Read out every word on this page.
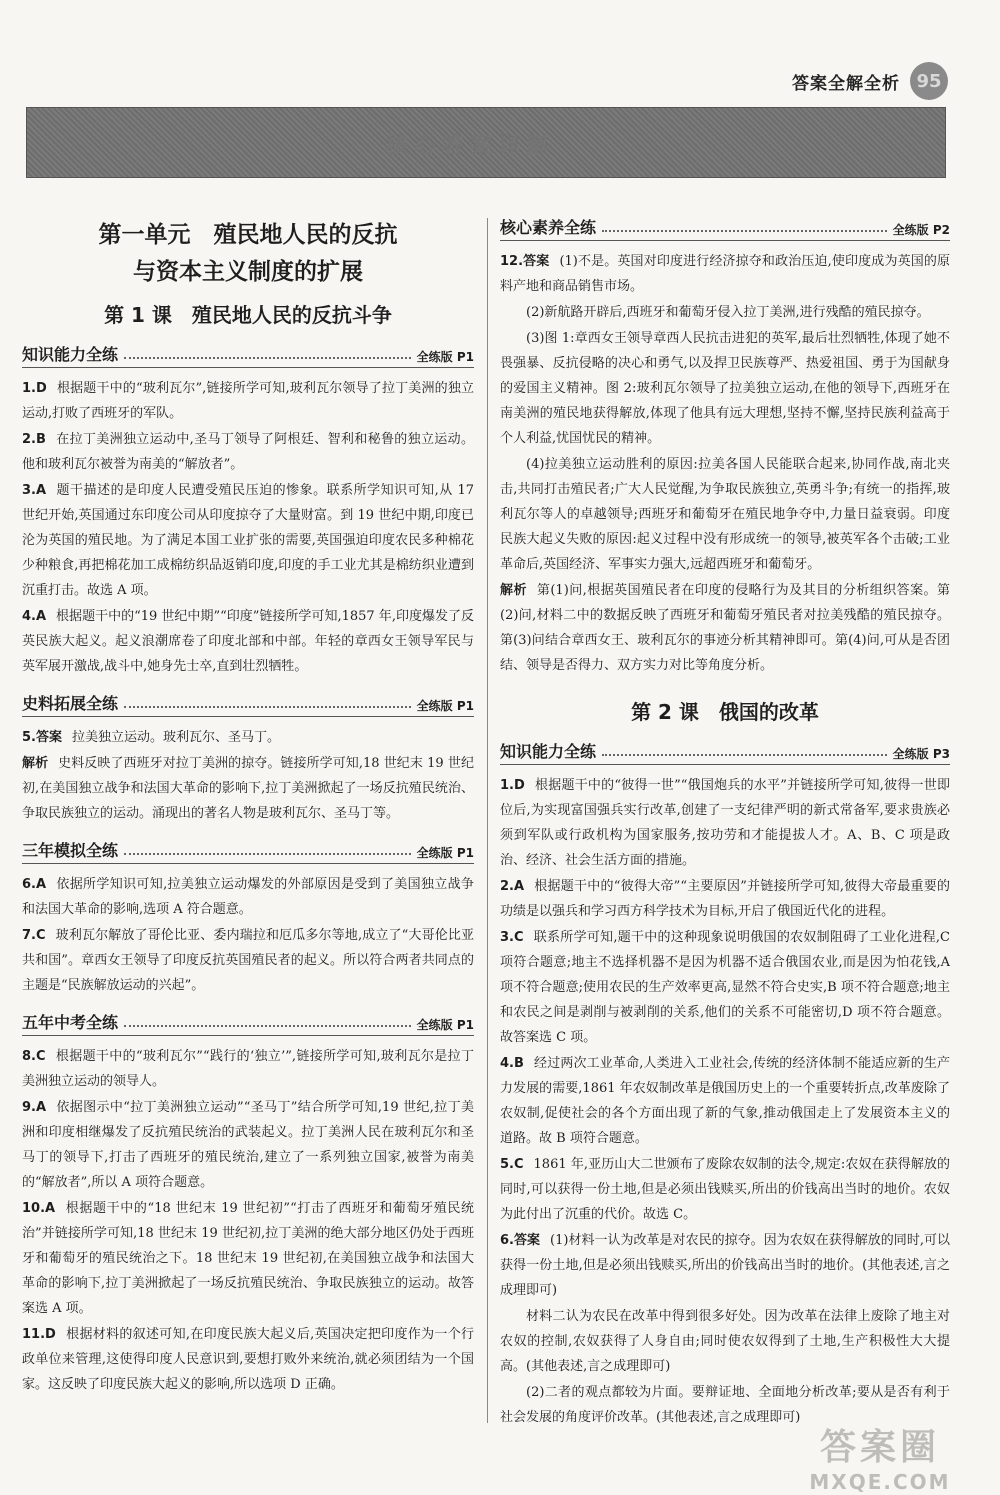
答案全解全析 95
核心答案详解
第一单元　殖民地人民的反抗
与资本主义制度的扩展
第 1 课　殖民地人民的反抗斗争
知识能力全练	全练版 P1
1.D 根据题干中的“玻利瓦尔”,链接所学可知,玻利瓦尔领导了拉丁美洲的独立运动,打败了西班牙的军队。
2.B 在拉丁美洲独立运动中,圣马丁领导了阿根廷、智利和秘鲁的独立运动。他和玻利瓦尔被誉为南美的“解放者”。
3.A 题干描述的是印度人民遭受殖民压迫的惨象。联系所学知识可知,从 17 世纪开始,英国通过东印度公司从印度掠夺了大量财富。到 19 世纪中期,印度已沦为英国的殖民地。为了满足本国工业扩张的需要,英国强迫印度农民多种棉花少种粮食,再把棉花加工成棉纺织品返销印度,印度的手工业尤其是棉纺织业遭到沉重打击。故选 A 项。
4.A 根据题干中的“19 世纪中期”“印度”链接所学可知,1857 年,印度爆发了反英民族大起义。起义浪潮席卷了印度北部和中部。年轻的章西女王领导军民与英军展开激战,战斗中,她身先士卒,直到壮烈牺牲。
史料拓展全练	全练版 P1
5.答案 拉美独立运动。玻利瓦尔、圣马丁。
解析 史料反映了西班牙对拉丁美洲的掠夺。链接所学可知,18 世纪末 19 世纪初,在美国独立战争和法国大革命的影响下,拉丁美洲掀起了一场反抗殖民统治、争取民族独立的运动。涌现出的著名人物是玻利瓦尔、圣马丁等。
三年模拟全练	全练版 P1
6.A 依据所学知识可知,拉美独立运动爆发的外部原因是受到了美国独立战争和法国大革命的影响,选项 A 符合题意。
7.C 玻利瓦尔解放了哥伦比亚、委内瑞拉和厄瓜多尔等地,成立了“大哥伦比亚共和国”。章西女王领导了印度反抗英国殖民者的起义。所以符合两者共同点的主题是“民族解放运动的兴起”。
五年中考全练	全练版 P1
8.C 根据题干中的“玻利瓦尔”“践行的‘独立’”,链接所学可知,玻利瓦尔是拉丁美洲独立运动的领导人。
9.A 依据图示中“拉丁美洲独立运动”“圣马丁”结合所学可知,19 世纪,拉丁美洲和印度相继爆发了反抗殖民统治的武装起义。拉丁美洲人民在玻利瓦尔和圣马丁的领导下,打击了西班牙的殖民统治,建立了一系列独立国家,被誉为南美的“解放者”,所以 A 项符合题意。
10.A 根据题干中的“18 世纪末 19 世纪初”“打击了西班牙和葡萄牙殖民统治”并链接所学可知,18 世纪末 19 世纪初,拉丁美洲的绝大部分地区仍处于西班牙和葡萄牙的殖民统治之下。18 世纪末 19 世纪初,在美国独立战争和法国大革命的影响下,拉丁美洲掀起了一场反抗殖民统治、争取民族独立的运动。故答案选 A 项。
11.D 根据材料的叙述可知,在印度民族大起义后,英国决定把印度作为一个行政单位来管理,这使得印度人民意识到,要想打败外来统治,就必须团结为一个国家。这反映了印度民族大起义的影响,所以选项 D 正确。
核心素养全练	全练版 P2
12.答案 (1)不是。英国对印度进行经济掠夺和政治压迫,使印度成为英国的原料产地和商品销售市场。
(2)新航路开辟后,西班牙和葡萄牙侵入拉丁美洲,进行残酷的殖民掠夺。
(3)图 1:章西女王领导章西人民抗击进犯的英军,最后壮烈牺牲,体现了她不畏强暴、反抗侵略的决心和勇气,以及捍卫民族尊严、热爱祖国、勇于为国献身的爱国主义精神。图 2:玻利瓦尔领导了拉美独立运动,在他的领导下,西班牙在南美洲的殖民地获得解放,体现了他具有远大理想,坚持不懈,坚持民族利益高于个人利益,忧国忧民的精神。
(4)拉美独立运动胜利的原因:拉美各国人民能联合起来,协同作战,南北夹击,共同打击殖民者;广大人民觉醒,为争取民族独立,英勇斗争;有统一的指挥,玻利瓦尔等人的卓越领导;西班牙和葡萄牙在殖民地争夺中,力量日益衰弱。印度民族大起义失败的原因:起义过程中没有形成统一的领导,被英军各个击破;工业革命后,英国经济、军事实力强大,远超西班牙和葡萄牙。
解析 第(1)问,根据英国殖民者在印度的侵略行为及其目的分析组织答案。第(2)问,材料二中的数据反映了西班牙和葡萄牙殖民者对拉美残酷的殖民掠夺。第(3)问结合章西女王、玻利瓦尔的事迹分析其精神即可。第(4)问,可从是否团结、领导是否得力、双方实力对比等角度分析。
第 2 课　俄国的改革
知识能力全练	全练版 P3
1.D 根据题干中的“彼得一世”“俄国炮兵的水平”并链接所学可知,彼得一世即位后,为实现富国强兵实行改革,创建了一支纪律严明的新式常备军,要求贵族必须到军队或行政机构为国家服务,按功劳和才能提拔人才。A、B、C 项是政治、经济、社会生活方面的措施。
2.A 根据题干中的“彼得大帝”“主要原因”并链接所学可知,彼得大帝最重要的功绩是以强兵和学习西方科学技术为目标,开启了俄国近代化的进程。
3.C 联系所学可知,题干中的这种现象说明俄国的农奴制阻碍了工业化进程,C 项符合题意;地主不选择机器不是因为机器不适合俄国农业,而是因为怕花钱,A 项不符合题意;使用农民的生产效率更高,显然不符合史实,B 项不符合题意;地主和农民之间是剥削与被剥削的关系,他们的关系不可能密切,D 项不符合题意。故答案选 C 项。
4.B 经过两次工业革命,人类进入工业社会,传统的经济体制不能适应新的生产力发展的需要,1861 年农奴制改革是俄国历史上的一个重要转折点,改革废除了农奴制,促使社会的各个方面出现了新的气象,推动俄国走上了发展资本主义的道路。故 B 项符合题意。
5.C 1861 年,亚历山大二世颁布了废除农奴制的法令,规定:农奴在获得解放的同时,可以获得一份土地,但是必须出钱赎买,所出的价钱高出当时的地价。农奴为此付出了沉重的代价。故选 C。
6.答案 (1)材料一认为改革是对农民的掠夺。因为农奴在获得解放的同时,可以获得一份土地,但是必须出钱赎买,所出的价钱高出当时的地价。(其他表述,言之成理即可)
材料二认为农民在改革中得到很多好处。因为改革在法律上废除了地主对农奴的控制,农奴获得了人身自由;同时使农奴得到了土地,生产积极性大大提高。(其他表述,言之成理即可)
(2)二者的观点都较为片面。要辩证地、全面地分析改革;要从是否有利于社会发展的角度评价改革。(其他表述,言之成理即可)
答案圈
MXQE.COM
